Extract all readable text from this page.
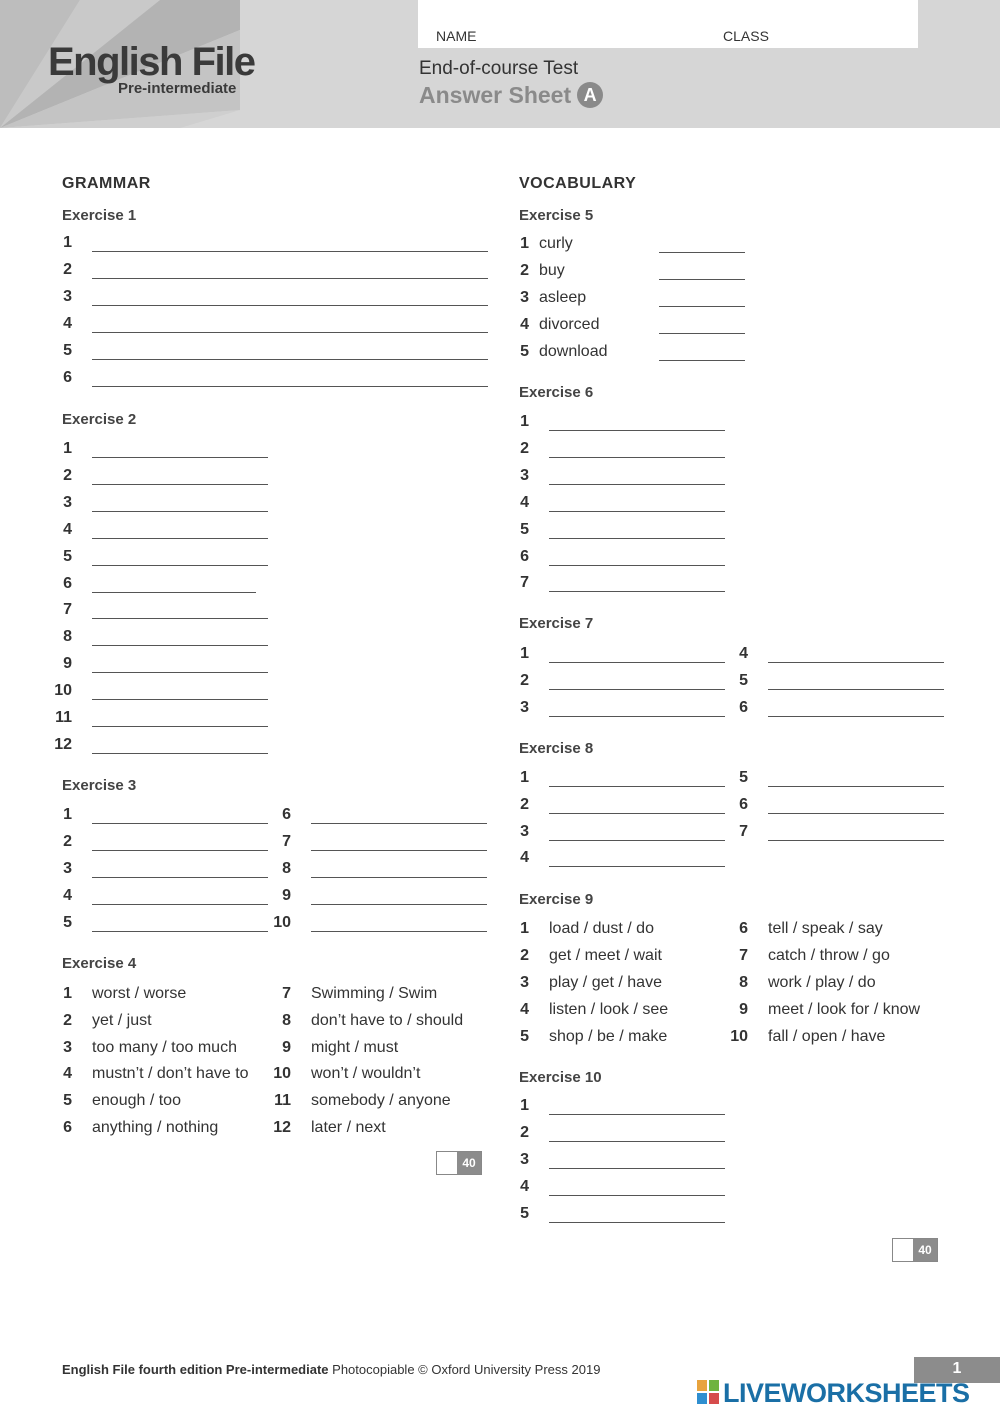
English File
Pre-intermediate
NAME	CLASS
End-of-course Test
Answer Sheet A
GRAMMAR
Exercise 1
1
2
3
4
5
6
Exercise 2
1
2
3
4
5
6
7
8
9
10
11
12
Exercise 3
1
2
3
4
5
6
7
8
9
10
Exercise 4
1 worst / worse
2 yet / just
3 too many / too much
4 mustn’t / don’t have to
5 enough / too
6 anything / nothing
7 Swimming / Swim
8 don’t have to / should
9 might / must
10 won’t / wouldn’t
11 somebody / anyone
12 later / next
40
VOCABULARY
Exercise 5
1 curly
2 buy
3 asleep
4 divorced
5 download
Exercise 6
1
2
3
4
5
6
7
Exercise 7
1
2
3
4
5
6
Exercise 8
1
2
3
4
5
6
7
Exercise 9
1 load / dust / do
2 get / meet / wait
3 play / get / have
4 listen / look / see
5 shop / be / make
6 tell / speak / say
7 catch / throw / go
8 work / play / do
9 meet / look for / know
10 fall / open / have
Exercise 10
1
2
3
4
5
40
English File fourth edition Pre-intermediate Photocopiable © Oxford University Press 2019	1
LIVEWORKSHEETS
